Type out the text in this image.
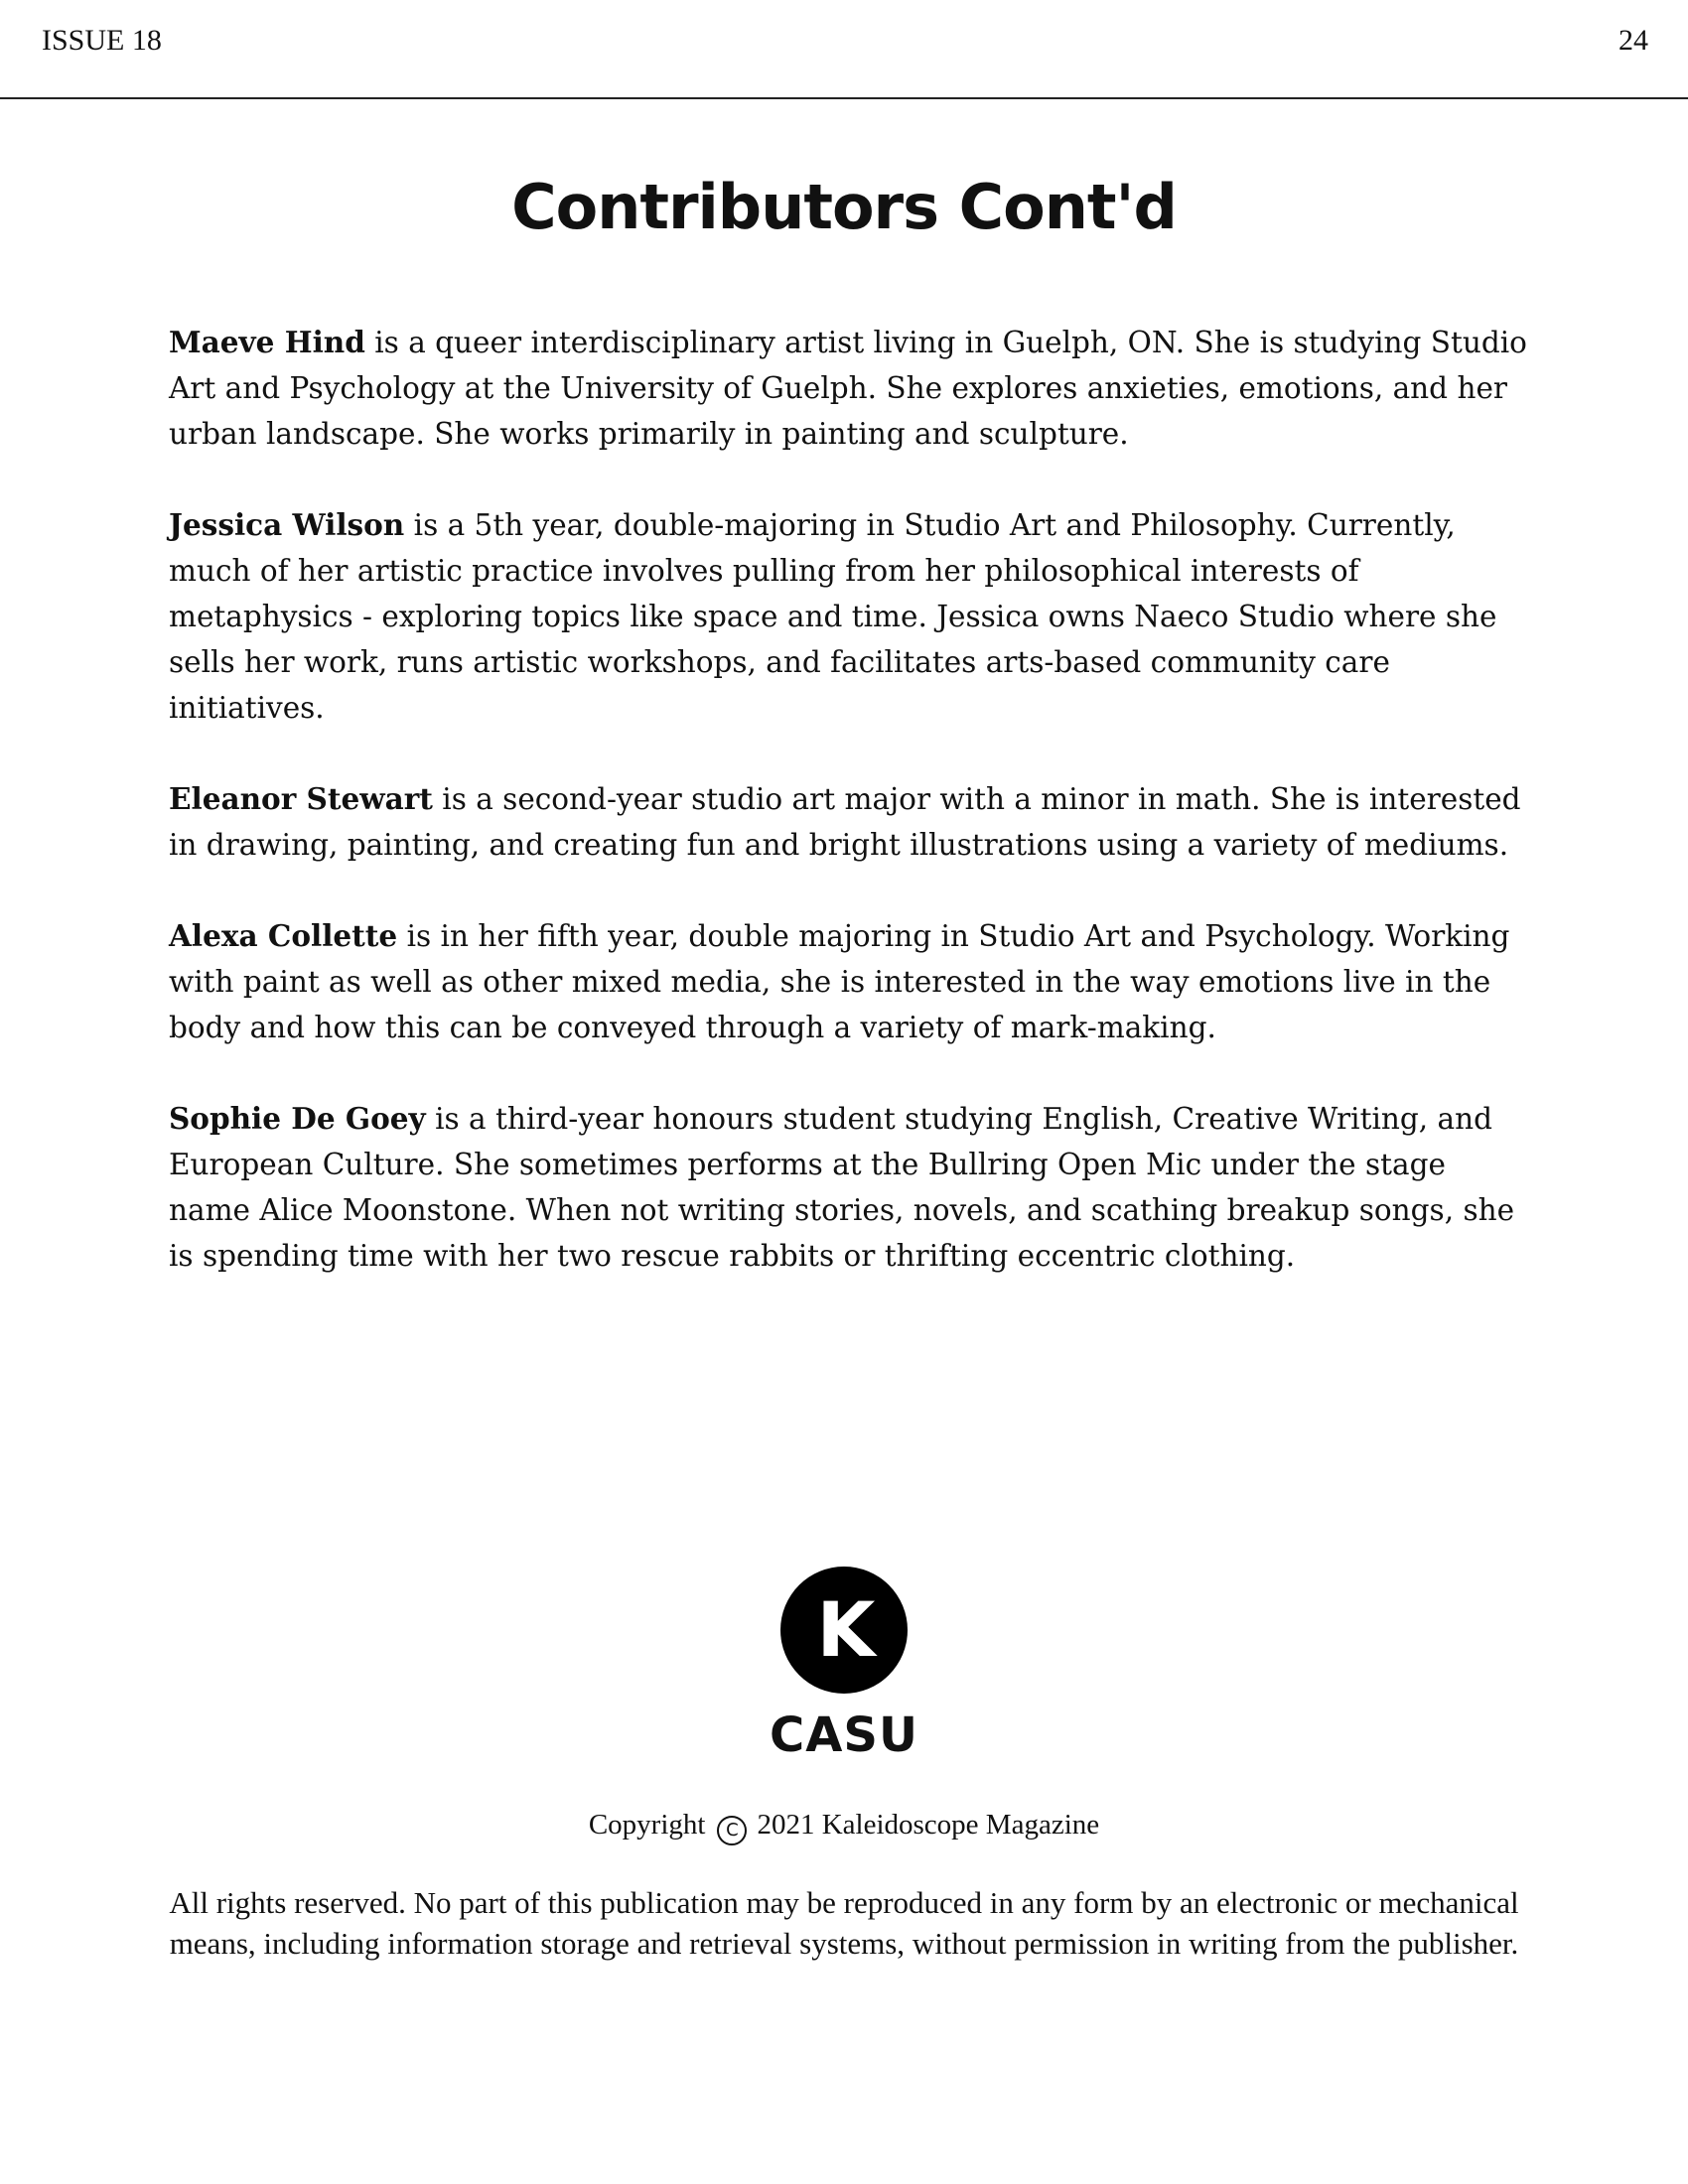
ISSUE 18	24
Contributors Cont'd

Maeve Hind is a queer interdisciplinary artist living in Guelph, ON. She is studying Studio Art and Psychology at the University of Guelph. She explores anxieties, emotions, and her urban landscape. She works primarily in painting and sculpture.

Jessica Wilson is a 5th year, double-majoring in Studio Art and Philosophy. Currently, much of her artistic practice involves pulling from her philosophical interests of metaphysics - exploring topics like space and time. Jessica owns Naeco Studio where she sells her work, runs artistic workshops, and facilitates arts-based community care initiatives.

Eleanor Stewart is a second-year studio art major with a minor in math. She is interested in drawing, painting, and creating fun and bright illustrations using a variety of mediums.

Alexa Collette is in her fifth year, double majoring in Studio Art and Psychology. Working with paint as well as other mixed media, she is interested in the way emotions live in the body and how this can be conveyed through a variety of mark-making.

Sophie De Goey is a third-year honours student studying English, Creative Writing, and European Culture. She sometimes performs at the Bullring Open Mic under the stage name Alice Moonstone. When not writing stories, novels, and scathing breakup songs, she is spending time with her two rescue rabbits or thrifting eccentric clothing.

K
CASU
Copyright C 2021 Kaleidoscope Magazine
All rights reserved. No part of this publication may be reproduced in any form by an electronic or mechanical means, including information storage and retrieval systems, without permission in writing from the publisher.
